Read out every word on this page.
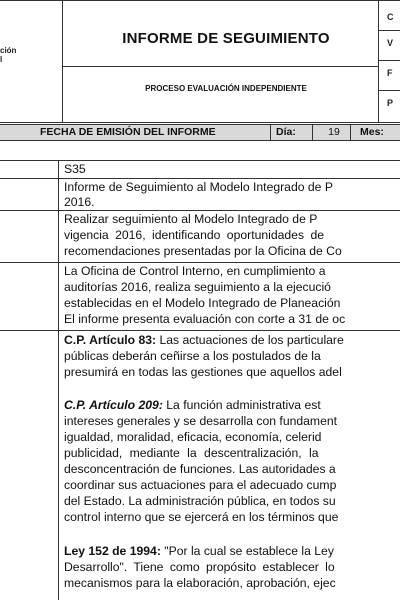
ción
l
INFORME DE SEGUIMIENTO
PROCESO EVALUACIÓN INDEPENDIENTE
C
V
F
P
FECHA DE EMISIÓN DEL INFORME	Día:	19	Mes:
S35
Informe de Seguimiento al Modelo Integrado de P
2016.
Realizar seguimiento al Modelo Integrado de P
vigencia 2016, identificando oportunidades de
recomendaciones presentadas por la Oficina de Co
La Oficina de Control Interno, en cumplimiento a
auditorías 2016, realiza seguimiento a la ejecució
establecidas en el Modelo Integrado de Planeación
El informe presenta evaluación con corte a 31 de oc
C.P. Artículo 83: Las actuaciones de los particulare
públicas deberán ceñirse a los postulados de la
presumirá en todas las gestiones que aquellos adel
C.P. Artículo 209: La función administrativa est
intereses generales y se desarrolla con fundament
igualdad, moralidad, eficacia, economía, celerid
publicidad, mediante la descentralización, la
desconcentración de funciones. Las autoridades a
coordinar sus actuaciones para el adecuado cump
del Estado. La administración pública, en todos su
control interno que se ejercerá en los términos que
Ley 152 de 1994: "Por la cual se establece la Ley
Desarrollo". Tiene como propósito establecer lo
mecanismos para la elaboración, aprobación, ejec
